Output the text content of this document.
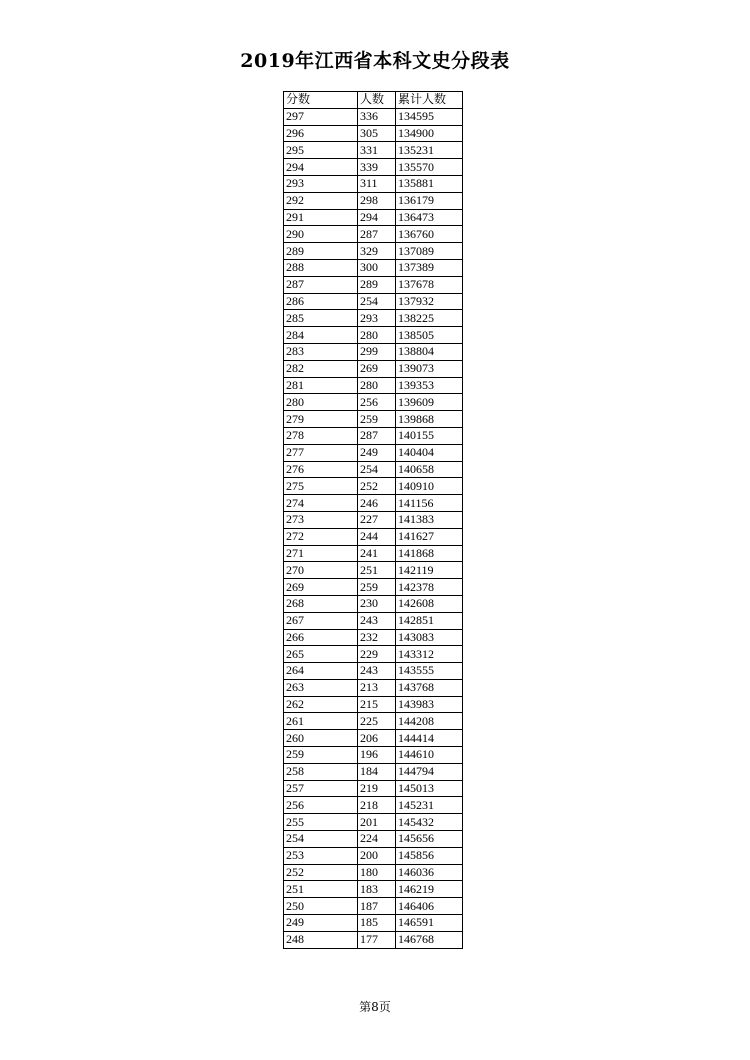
2019年江西省本科文史分段表
分数	人数	累计人数
297	336	134595
296	305	134900
295	331	135231
294	339	135570
293	311	135881
292	298	136179
291	294	136473
290	287	136760
289	329	137089
288	300	137389
287	289	137678
286	254	137932
285	293	138225
284	280	138505
283	299	138804
282	269	139073
281	280	139353
280	256	139609
279	259	139868
278	287	140155
277	249	140404
276	254	140658
275	252	140910
274	246	141156
273	227	141383
272	244	141627
271	241	141868
270	251	142119
269	259	142378
268	230	142608
267	243	142851
266	232	143083
265	229	143312
264	243	143555
263	213	143768
262	215	143983
261	225	144208
260	206	144414
259	196	144610
258	184	144794
257	219	145013
256	218	145231
255	201	145432
254	224	145656
253	200	145856
252	180	146036
251	183	146219
250	187	146406
249	185	146591
248	177	146768
第8页
